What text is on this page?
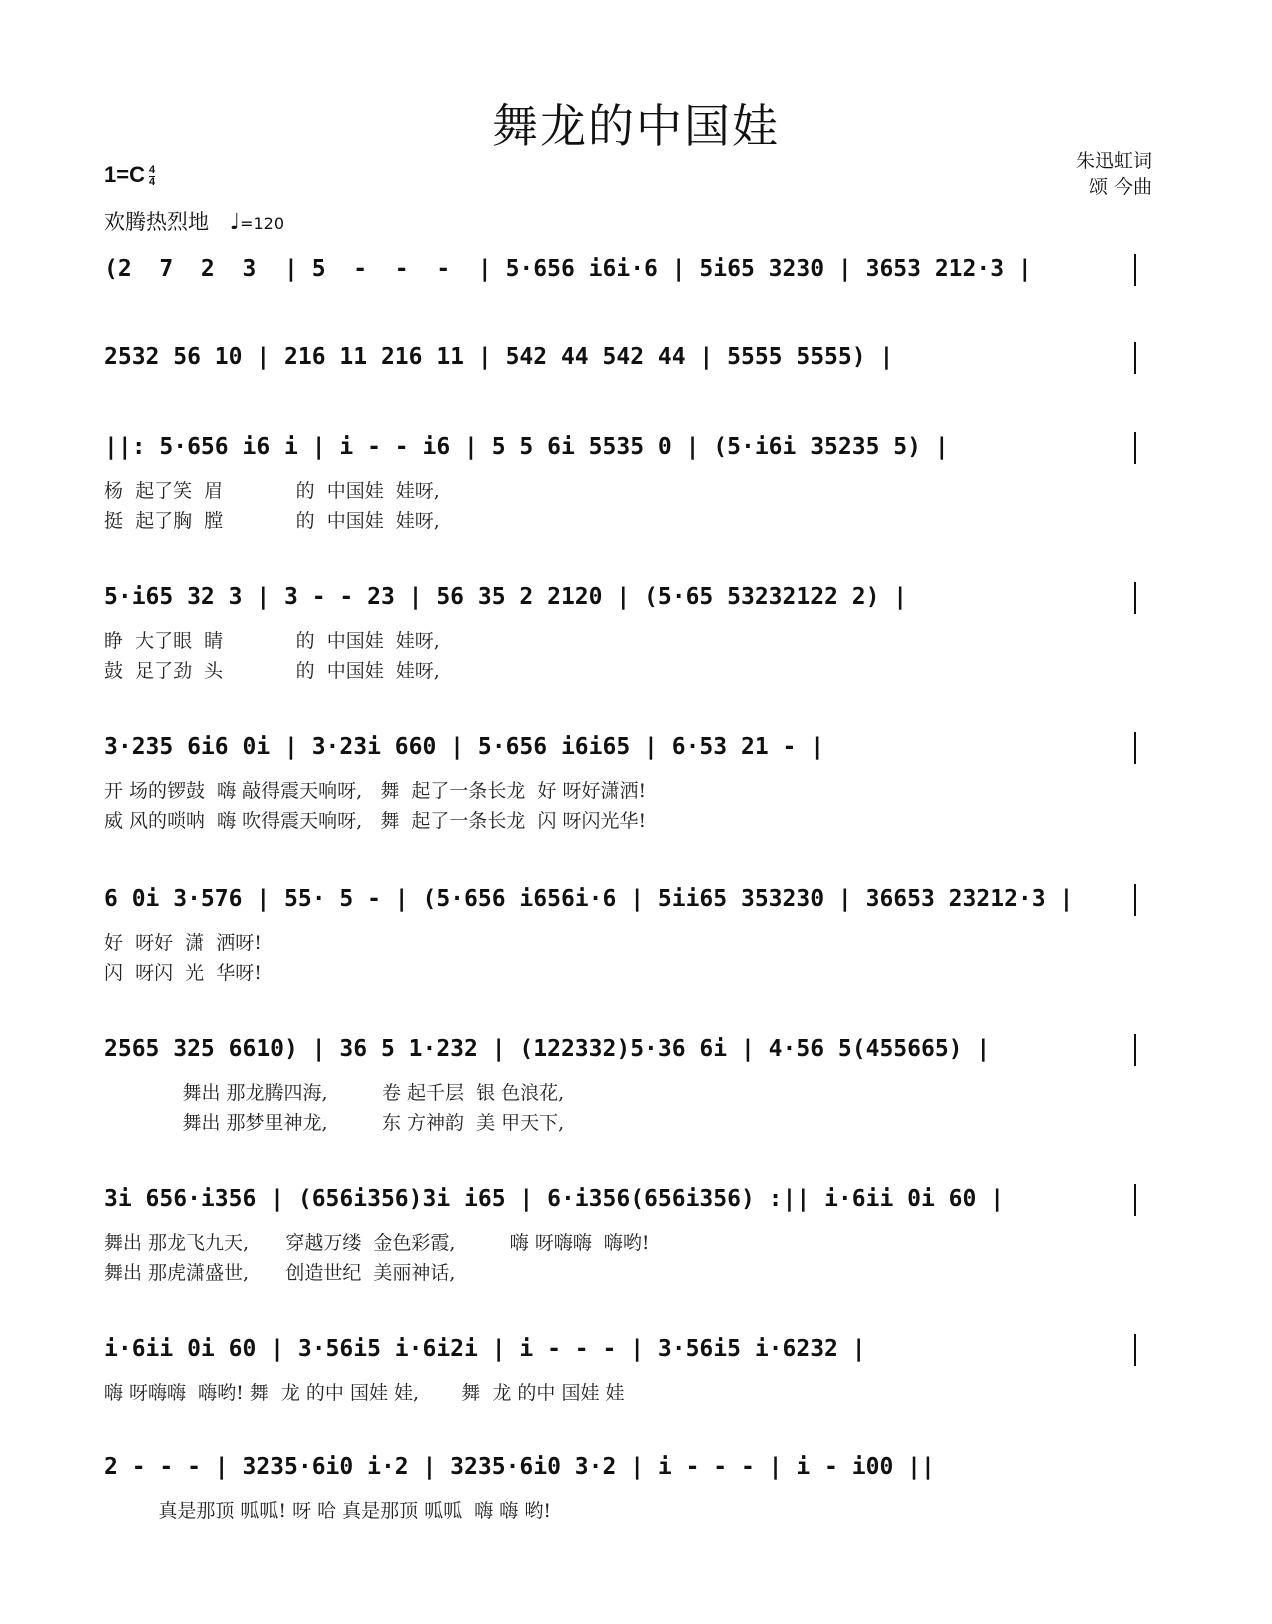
舞龙的中国娃
朱迅虹词
颂 今曲
$1=C \frac{4}{4}$
欢腾热烈地 ♩=120
(2  7  2  3  | 5  -  -  -  | 5·656 i6i·6 | 5i65 3230 | 3653 212·3 |
2532 56 10 | 216 11 216 11 | 542 44 542 44 | 5555 5555) |
||: 5·656 i6 i | i - - i6 | 5 5 6i 5535 0 | (5·i6i 35235 5) |
杨  起了笑  眉            的  中国娃  娃呀,
挺  起了胸  膛            的  中国娃  娃呀,
5·i65 32 3 | 3 - - 23 | 56 35 2 2120 | (5·65 53232122 2) |
睁  大了眼  睛            的  中国娃  娃呀,
鼓  足了劲  头            的  中国娃  娃呀,
3·235 6i6 0i | 3·23i 660 | 5·656 i6i65 | 6·53 21 - |
开 场的锣鼓  嗨 敲得震天响呀,   舞  起了一条长龙  好 呀好潇洒!
威 风的唢呐  嗨 吹得震天响呀,   舞  起了一条长龙  闪 呀闪光华!
6 0i 3·576 | 55· 5 - | (5·656 i656i·6 | 5ii65 353230 | 36653 23212·3 |
好  呀好  潇  洒呀!
闪  呀闪  光  华呀!
2565 325 6610) | 36 5 1·232 | (122332)5·36 6i | 4·56 5(455665) |
舞出 那龙腾四海,         卷 起千层  银 色浪花,
舞出 那梦里神龙,         东 方神韵  美 甲天下,
3i 656·i356 | (656i356)3i i65 | 6·i356(656i356) :|| i·6ii 0i 60 |
舞出 那龙飞九天,      穿越万缕  金色彩霞,         嗨 呀嗨嗨  嗨哟!
舞出 那虎潇盛世,      创造世纪  美丽神话,
i·6ii 0i 60 | 3·56i5 i·6i2i | i - - - | 3·56i5 i·6232 |
嗨 呀嗨嗨  嗨哟! 舞  龙 的中 国娃 娃,       舞  龙 的中 国娃 娃
2 - - - | 3235·6i0 i·2 | 3235·6i0 3·2 | i - - - | i - i00 ||
真是那顶 呱呱! 呀 哈 真是那顶 呱呱  嗨 嗨 哟!
